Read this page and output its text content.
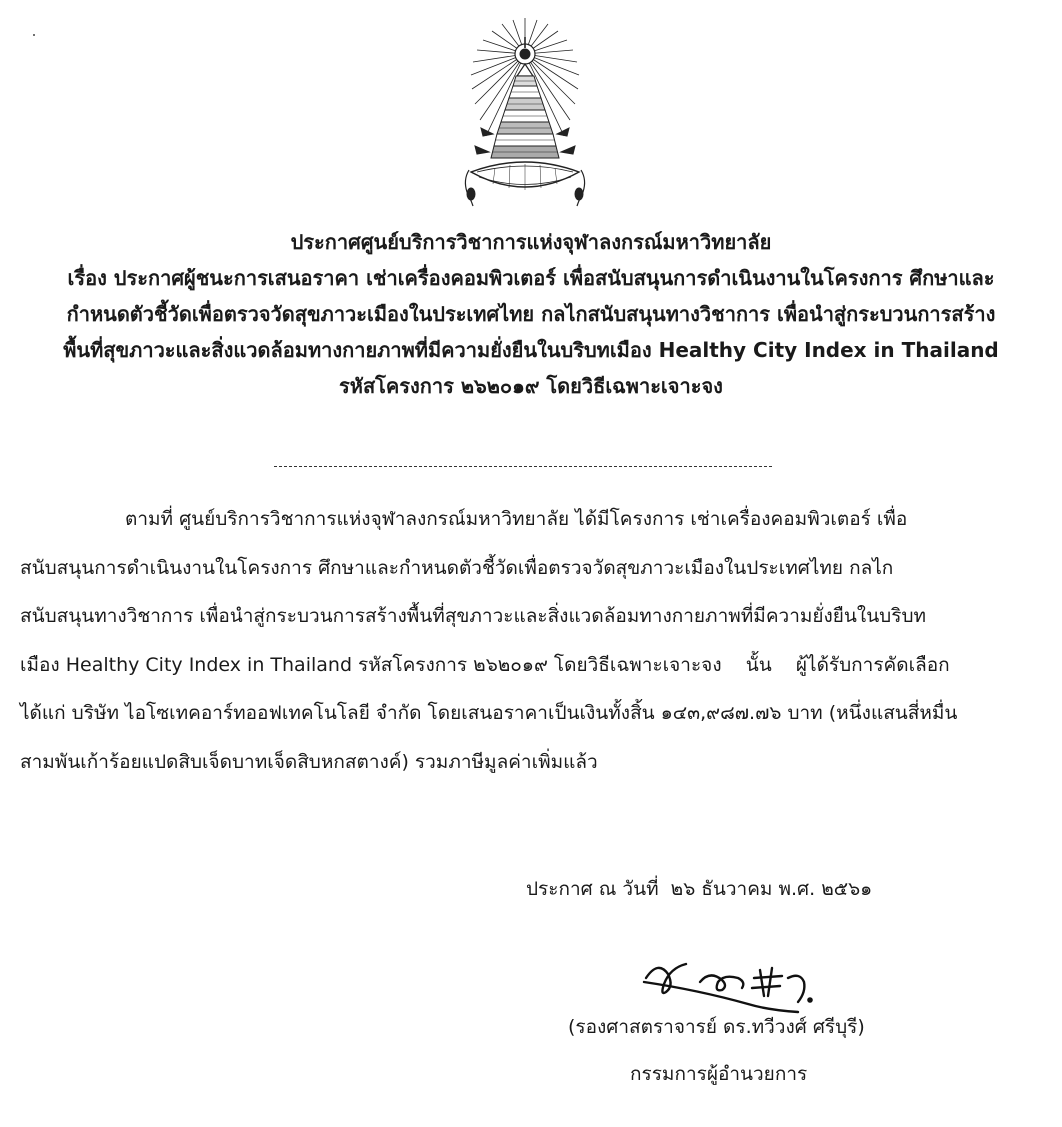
ประกาศศูนย์บริการวิชาการแห่งจุฬาลงกรณ์มหาวิทยาลัย
เรื่อง ประกาศผู้ชนะการเสนอราคา เช่าเครื่องคอมพิวเตอร์ เพื่อสนับสนุนการดำเนินงานในโครงการ ศึกษาและ
กำหนดตัวชี้วัดเพื่อตรวจวัดสุขภาวะเมืองในประเทศไทย กลไกสนับสนุนทางวิชาการ เพื่อนำสู่กระบวนการสร้าง
พื้นที่สุขภาวะและสิ่งแวดล้อมทางกายภาพที่มีความยั่งยืนในบริบทเมือง Healthy City Index in Thailand
รหัสโครงการ ๒๖๒๐๑๙ โดยวิธีเฉพาะเจาะจง
ตามที่ ศูนย์บริการวิชาการแห่งจุฬาลงกรณ์มหาวิทยาลัย ได้มีโครงการ เช่าเครื่องคอมพิวเตอร์ เพื่อ
สนับสนุนการดำเนินงานในโครงการ ศึกษาและกำหนดตัวชี้วัดเพื่อตรวจวัดสุขภาวะเมืองในประเทศไทย กลไก
สนับสนุนทางวิชาการ เพื่อนำสู่กระบวนการสร้างพื้นที่สุขภาวะและสิ่งแวดล้อมทางกายภาพที่มีความยั่งยืนในบริบท
เมือง Healthy City Index in Thailand รหัสโครงการ ๒๖๒๐๑๙ โดยวิธีเฉพาะเจาะจง    นั้น    ผู้ได้รับการคัดเลือก
ได้แก่ บริษัท ไอโซเทคอาร์ทออฟเทคโนโลยี จำกัด โดยเสนอราคาเป็นเงินทั้งสิ้น ๑๔๓,๙๘๗.๗๖ บาท (หนึ่งแสนสี่หมื่น
สามพันเก้าร้อยแปดสิบเจ็ดบาทเจ็ดสิบหกสตางค์) รวมภาษีมูลค่าเพิ่มแล้ว
ประกาศ ณ วันที่  ๒๖ ธันวาคม พ.ศ. ๒๕๖๑
(รองศาสตราจารย์ ดร.ทวีวงศ์ ศรีบุรี)
กรรมการผู้อำนวยการ
